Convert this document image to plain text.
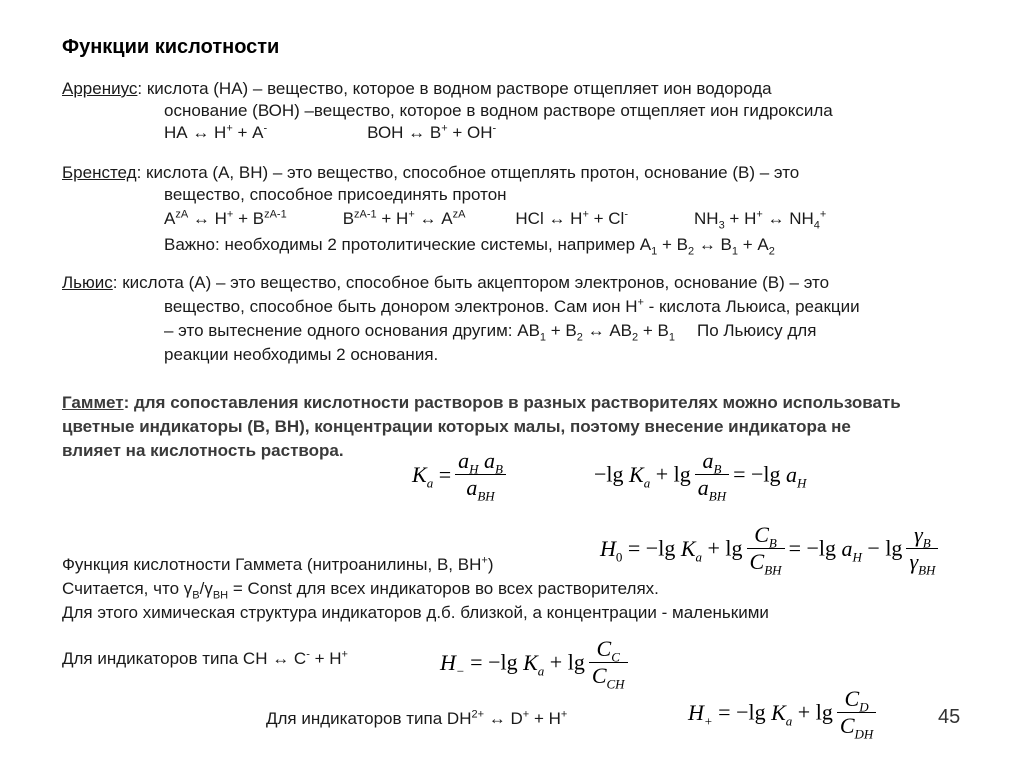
Функции кислотности
Аррениус: кислота (НА) – вещество, которое в водном растворе отщепляет ион водорода
основание (ВОН) –вещество, которое в водном растворе отщепляет ион гидроксила
НА ↔ Н+ + А-	ВОН ↔ В+ + ОН-
Бренстед: кислота (А, ВН) – это вещество, способное отщеплять протон, основание (В) – это
вещество, способное присоединять протон
$А^{zA}$ ↔ $Н^+ + В^{zA-1}$	$В^{zA-1} + Н^+$ ↔ $А^{zA}$	HCl ↔ H+ + Cl-	$NH_3 + H^+$ ↔ $NH_4^+$
Важно: необходимы 2 протолитические системы, например $А_1 + В_2$ ↔ $В_1 + А_2$
Льюис: кислота (А) – это вещество, способное быть акцептором электронов, основание (В) – это
вещество, способное быть донором электронов. Сам ион Н+ - кислота Льюиса, реакции
– это вытеснение одного основания другим: $АВ_1 + В_2$ ↔ $АВ_2 + В_1$ По Льюису для
реакции необходимы 2 основания.
Гаммет: для сопоставления кислотности растворов в разных растворителях можно использовать
цветные индикаторы (В, ВН), концентрации которых малы, поэтому внесение индикатора не
влияет на кислотность раствора.
$K_a = \frac{a_H a_B}{a_{BH}}$	−lg $K_a + \lg \frac{a_B}{a_{BH}} = -\lg$ $a_H$
$H_0 = -\lg$ $K_a + \lg \frac{C_B}{C_{BH}} = -\lg$ $a_H - \lg \frac{\gamma_B}{\gamma_{BH}}$
Функция кислотности Гаммета (нитроанилины, В, ВН+)
Считается, что $\gamma_B/\gamma_{BH}$ = Const для всех индикаторов во всех растворителях.
Для этого химическая структура индикаторов д.б. близкой, а концентрации - маленькими
Для индикаторов типа СН ↔ С- + Н+	$H_- = -\lg$ $K_a + \lg \frac{C_C}{C_{CH}}$
Для индикаторов типа $DH^{2+}$ ↔ D+ + H+	$H_+ = -\lg$ $K_a + \lg \frac{C_D}{C_{DH}}$	45
